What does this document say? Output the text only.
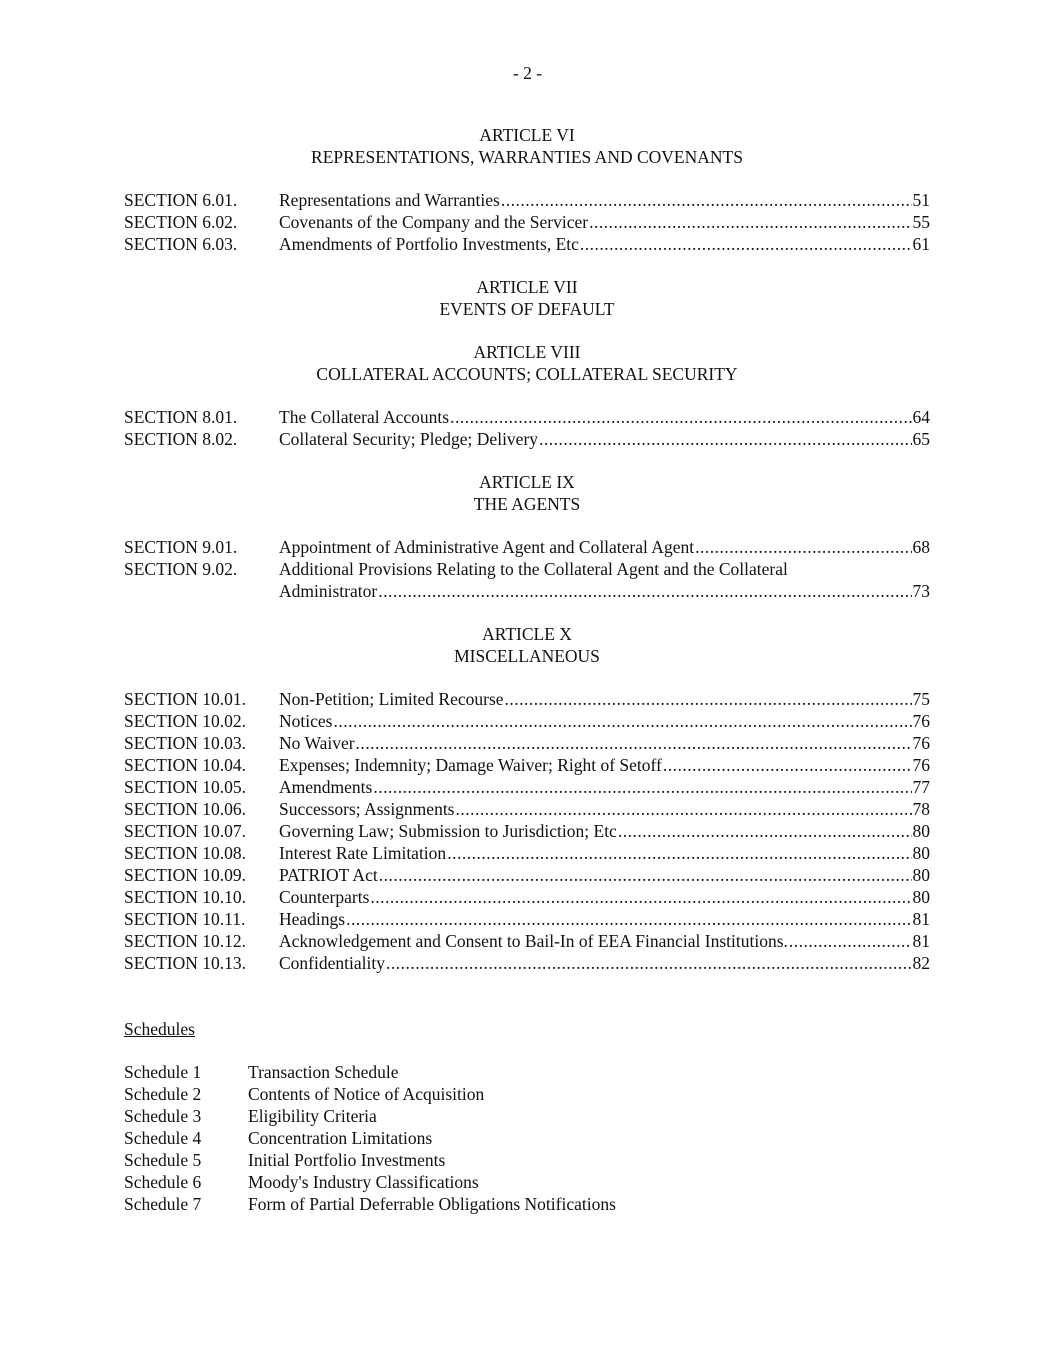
- 2 -
ARTICLE VI
REPRESENTATIONS, WARRANTIES AND COVENANTS
SECTION 6.01.	Representations and Warranties .....	51
SECTION 6.02.	Covenants of the Company and the Servicer .....	55
SECTION 6.03.	Amendments of Portfolio Investments, Etc .....	61
ARTICLE VII
EVENTS OF DEFAULT
ARTICLE VIII
COLLATERAL ACCOUNTS; COLLATERAL SECURITY
SECTION 8.01.	The Collateral Accounts .....	64
SECTION 8.02.	Collateral Security; Pledge; Delivery .....	65
ARTICLE IX
THE AGENTS
SECTION 9.01.	Appointment of Administrative Agent and Collateral Agent .....	68
SECTION 9.02.	Additional Provisions Relating to the Collateral Agent and the Collateral
Administrator .....	73
ARTICLE X
MISCELLANEOUS
SECTION 10.01.	Non-Petition; Limited Recourse .....	75
SECTION 10.02.	Notices .....	76
SECTION 10.03.	No Waiver .....	76
SECTION 10.04.	Expenses; Indemnity; Damage Waiver; Right of Setoff .....	76
SECTION 10.05.	Amendments .....	77
SECTION 10.06.	Successors; Assignments .....	78
SECTION 10.07.	Governing Law; Submission to Jurisdiction; Etc .....	80
SECTION 10.08.	Interest Rate Limitation .....	80
SECTION 10.09.	PATRIOT Act .....	80
SECTION 10.10.	Counterparts .....	80
SECTION 10.11.	Headings .....	81
SECTION 10.12.	Acknowledgement and Consent to Bail-In of EEA Financial Institutions. .....	81
SECTION 10.13.	Confidentiality .....	82
Schedules
Schedule 1	Transaction Schedule
Schedule 2	Contents of Notice of Acquisition
Schedule 3	Eligibility Criteria
Schedule 4	Concentration Limitations
Schedule 5	Initial Portfolio Investments
Schedule 6	Moody's Industry Classifications
Schedule 7	Form of Partial Deferrable Obligations Notifications
